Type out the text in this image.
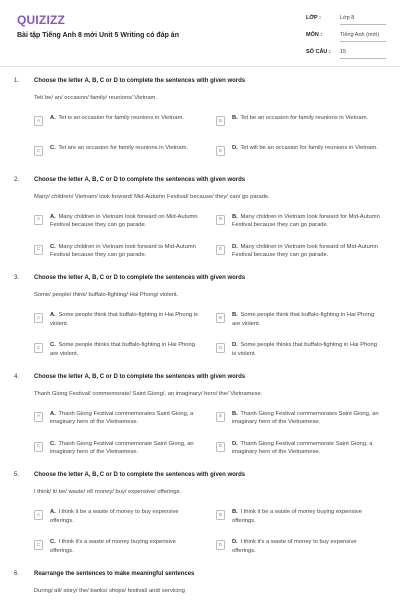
QUIZIZZ
Bài tập Tiếng Anh 8 mới Unit 5 Writing có đáp án
LỚP :	Lớp 8
MÔN :	Tiếng Anh (mới)
SỐ CÂU :	15
1. Choose the letter A, B, C or D to complete the sentences with given words
Tet/ be/ an/ occasion/ family/ reunions/ Vietnam.
A	A. Tet is an occasion for family reunions in Vietnam.	B	B. Tet be an occasion for family reunions in Vietnam.
C	C. Tet are an occasion for family reunions in Vietnam.	D	D. Tet will be an occasion for family reunions in Vietnam.
2. Choose the letter A, B, C or D to complete the sentences with given words
Many/ children/ Vietnam/ look forward/ Mid-Autumn Festival/ because/ they/ can/ go parade.
A	A. Many children in Vietnam look forward on Mid-Autumn Festival because they can go parade.
B	B. Many children in Vietnam look forward for Mid-Autumn Festival because they can go parade.
C	C. Many children in Vietnam look forward to Mid-Autumn Festival because they can go parade.
D	D. Many children in Vietnam look forward of Mid-Autumn Festival because they can go parade.
3. Choose the letter A, B, C or D to complete the sentences with given words
Some/ people/ think/ buffalo-fighting/ Hai Phong/ violent.
A	A. Some people think that buffalo-fighting in Hai Phong is violent.
B	B. Some people think that buffalo-fighting in Hai Phong are violent.
C	C. Some people thinks that buffalo-fighting in Hai Phong are violent.
D	D. Some people thinks that buffalo-fighting in Hai Phong is violent.
4. Choose the letter A, B, C or D to complete the sentences with given words
Thanh Giong Festival/ commemorate/ Saint Giong/, an imaginary/ hero/ the/ Vietnamese.
A	A. Thanh Giong Festival commemorates Saint Giong, a imaginary hero of the Vietnamese.
B	B. Thanh Giong Festival commemorates Saint Giong, an imaginary hero of the Vietnamese.
C	C. Thanh Giong Festival commemorate Saint Giong, an imaginary hero of the Vietnamese.
D	D. Thanh Giong Festival commemorate Saint Giong, a imaginary hero of the Vietnamese.
5. Choose the letter A, B, C or D to complete the sentences with given words
I think/ it/ be/ waste/ of/ money/ buy/ expensive/ offerings.
A	A. I think it be a waste of money to buy expensive offerings.
B	B. I think it be a waste of money buying expensive offerings.
C	C. I think it's a waste of money buying expensive offerings.
D	D. I think it's a waste of money to buy expensive offerings.
6. Rearrange the sentences to make meaningful sentences
During/ all/ story/ the/ banks/ shops/ festival/ and/ servicing
